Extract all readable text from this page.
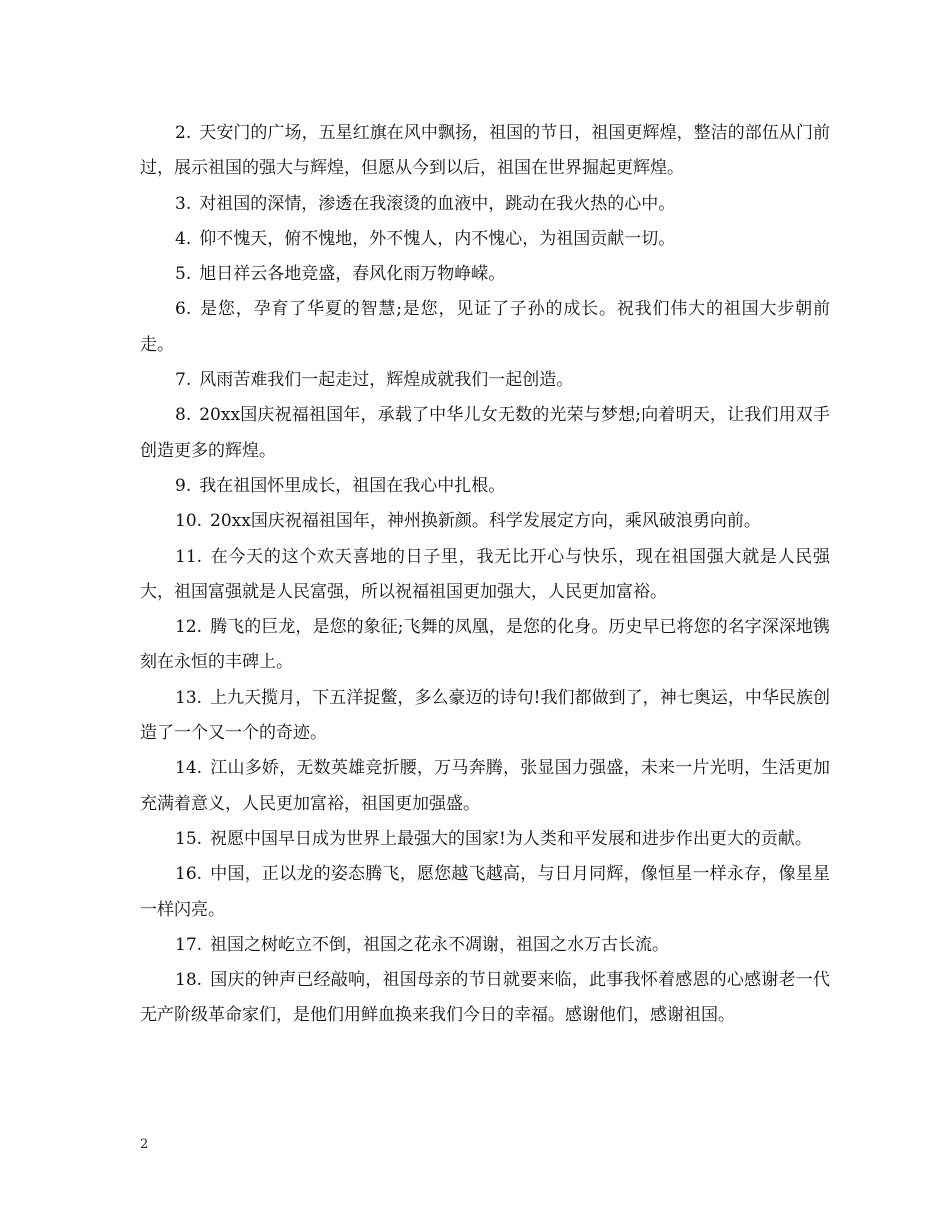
2. 天安门的广场，五星红旗在风中飘扬，祖国的节日，祖国更辉煌，整洁的部伍从门前过，展示祖国的强大与辉煌，但愿从今到以后，祖国在世界掘起更辉煌。

3. 对祖国的深情，渗透在我滚烫的血液中，跳动在我火热的心中。

4. 仰不愧天，俯不愧地，外不愧人，内不愧心，为祖国贡献一切。

5. 旭日祥云各地竞盛，春风化雨万物峥嵘。

6. 是您，孕育了华夏的智慧;是您，见证了子孙的成长。祝我们伟大的祖国大步朝前走。

7. 风雨苦难我们一起走过，辉煌成就我们一起创造。

8. 20xx国庆祝福祖国年，承载了中华儿女无数的光荣与梦想;向着明天，让我们用双手创造更多的辉煌。

9. 我在祖国怀里成长，祖国在我心中扎根。

10. 20xx国庆祝福祖国年，神州换新颜。科学发展定方向，乘风破浪勇向前。

11. 在今天的这个欢天喜地的日子里，我无比开心与快乐，现在祖国强大就是人民强大，祖国富强就是人民富强，所以祝福祖国更加强大，人民更加富裕。

12. 腾飞的巨龙，是您的象征;飞舞的凤凰，是您的化身。历史早已将您的名字深深地镌刻在永恒的丰碑上。

13. 上九天揽月，下五洋捉鳖，多么豪迈的诗句!我们都做到了，神七奥运，中华民族创造了一个又一个的奇迹。

14. 江山多娇，无数英雄竞折腰，万马奔腾，张显国力强盛，未来一片光明，生活更加充满着意义，人民更加富裕，祖国更加强盛。

15. 祝愿中国早日成为世界上最强大的国家!为人类和平发展和进步作出更大的贡献。

16. 中国，正以龙的姿态腾飞，愿您越飞越高，与日月同辉，像恒星一样永存，像星星一样闪亮。

17. 祖国之树屹立不倒，祖国之花永不凋谢，祖国之水万古长流。

18. 国庆的钟声已经敲响，祖国母亲的节日就要来临，此事我怀着感恩的心感谢老一代无产阶级革命家们，是他们用鲜血换来我们今日的幸福。感谢他们，感谢祖国。

2
